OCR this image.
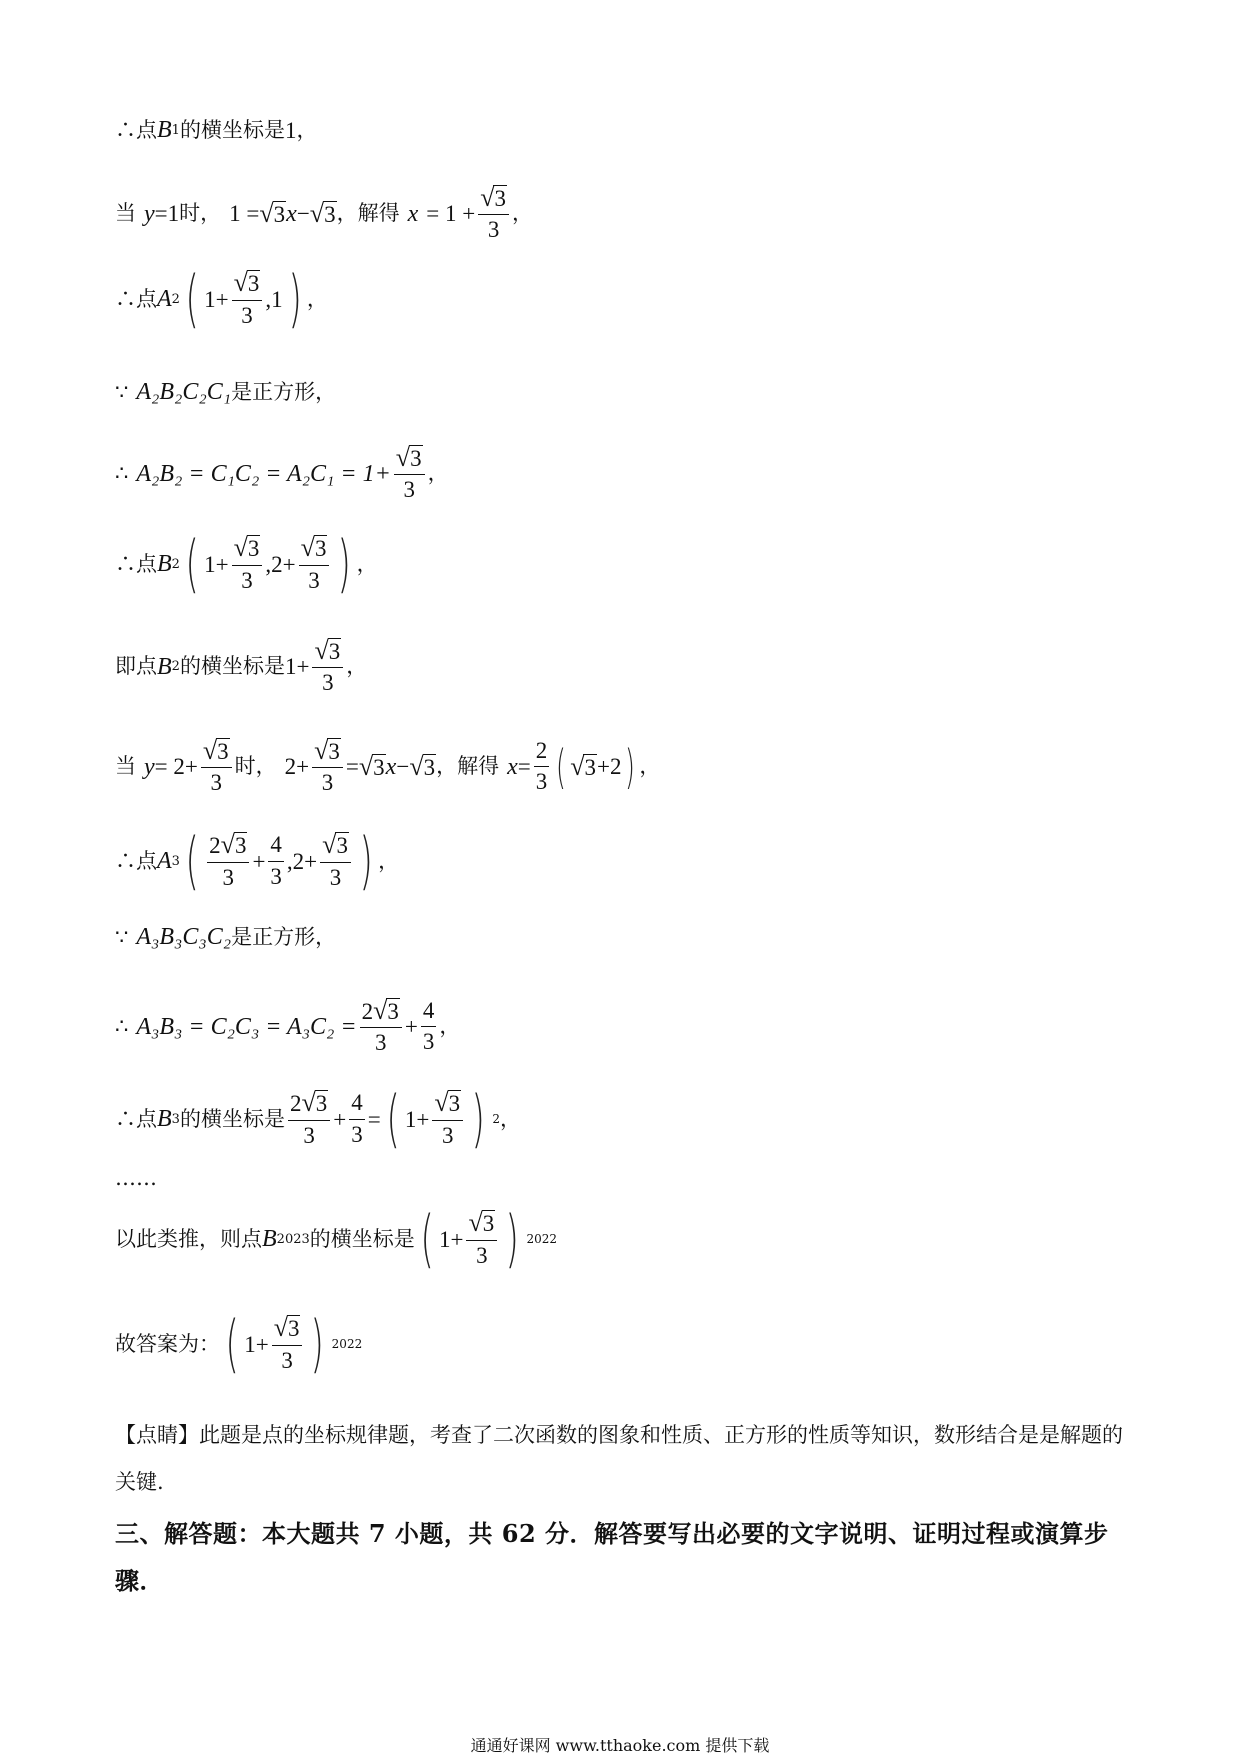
∴点 B 1 的横坐标是 1 ，
当 y =1 时， 1 = √ 3 x − √ 3 ，解得 $x = 1 + \frac{√ 3}{3}$ ，
∴点 A 2 ( $1+ \frac{√ 3}{3} ,1$ ) ，
∵ A₂B₂C₂C₁ 是正方形，
∴ $A_2B_2 = C_1C_2 = A_2C_1 = 1+ \frac{√ 3}{3}$ ，
∴点 B 2 ( $1+ \frac{√ 3}{3} ,2+ \frac{√ 3}{3}$ ) ，
即点 B 2 的横坐标是 $1+ \frac{√ 3}{3}$ ，
当 $y = 2+ \frac{√ 3}{3}$ 时， $2+ \frac{√ 3}{3}$ = √ 3 x − √ 3 ，解得 $x = \frac{2}{3}$ ( √ 3 +2 ) ，
∴点 A 3 ( $\frac{2 √ 3}{3} + \frac{4}{3} ,2+ \frac{√ 3}{3}$ ) ，
∵ A₃B₃C₃C₂ 是正方形，
∴ $A_3B_3 = C_2C_3 = A_3C_2 = \frac{2 √ 3}{3} + \frac{4}{3}$ ，
∴点 B 3 的横坐标是 $\frac{2 √ 3}{3} + \frac{4}{3}$ = ( $1+ \frac{√ 3}{3}$ ) 2 ，
……
以此类推，则点 B 2023 的横坐标是 ( $1+ \frac{√ 3}{3}$ ) 2022
故答案为： ( $1+ \frac{√ 3}{3}$ ) 2022
【点睛】此题是点的坐标规律题，考查了二次函数的图象和性质、正方形的性质等知识，数形结合是是解题的关键.
三、解答题：本大题共 7 小题，共 62 分．解答要写出必要的文字说明、证明过程或演算步骤．
通通好课网 www.tthaoke.com 提供下载
